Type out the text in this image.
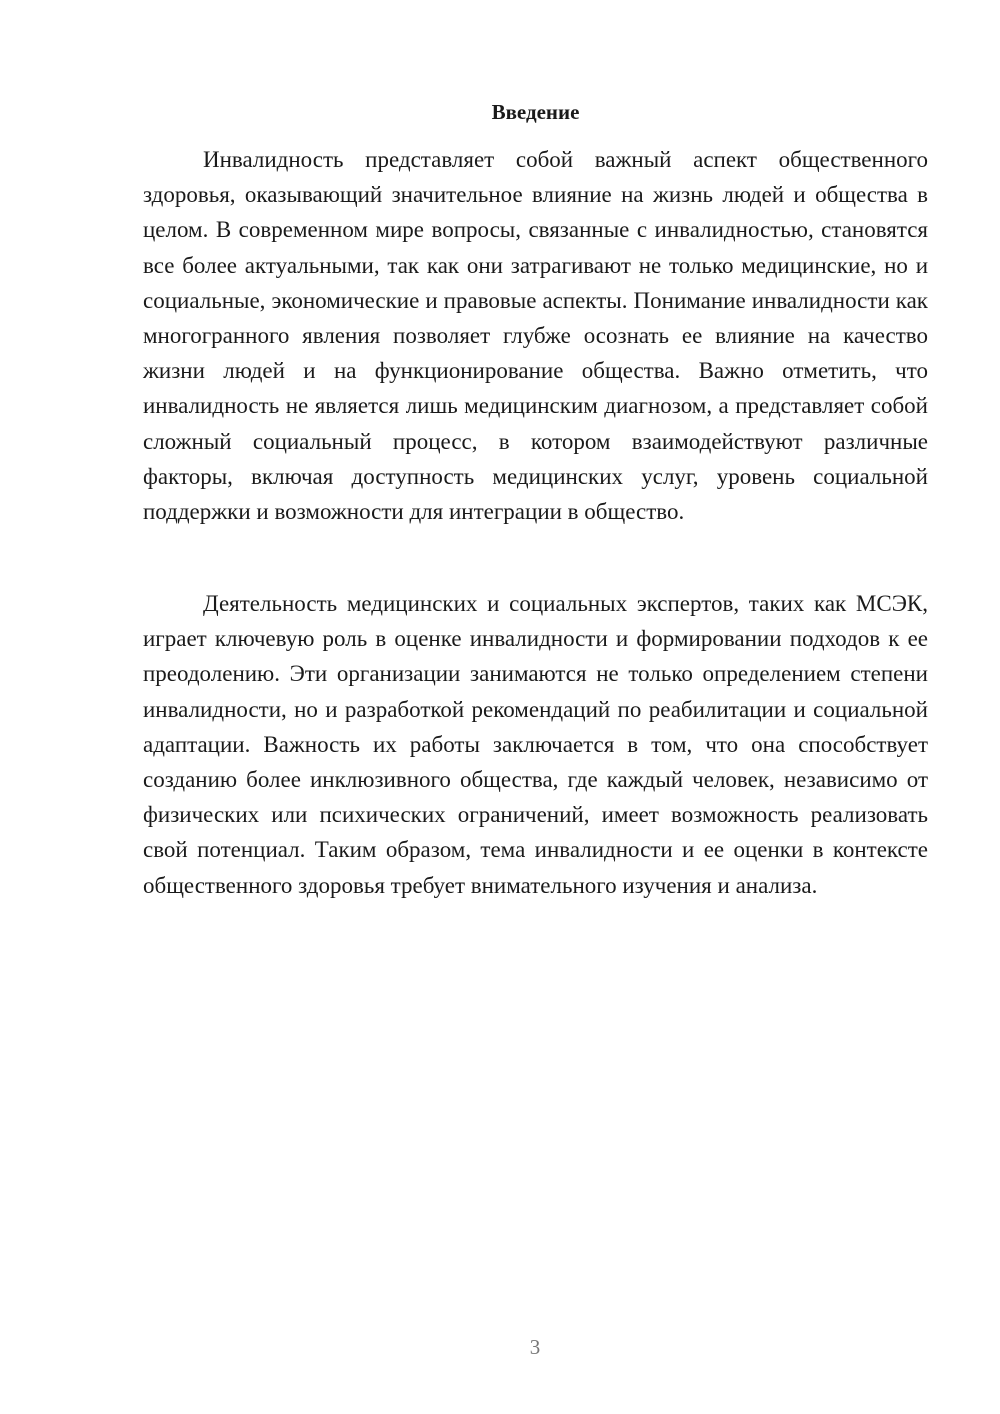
Введение

Инвалидность представляет собой важный аспект общественного здоровья, оказывающий значительное влияние на жизнь людей и общества в целом. В современном мире вопросы, связанные с инвалидностью, становятся все более актуальными, так как они затрагивают не только медицинские, но и социальные, экономические и правовые аспекты. Понимание инвалидности как многогранного явления позволяет глубже осознать ее влияние на качество жизни людей и на функционирование общества. Важно отметить, что инвалидность не является лишь медицинским диагнозом, а представляет собой сложный социальный процесс, в котором взаимодействуют различные факторы, включая доступность медицинских услуг, уровень социальной поддержки и возможности для интеграции в общество.

Деятельность медицинских и социальных экспертов, таких как МСЭК, играет ключевую роль в оценке инвалидности и формировании подходов к ее преодолению. Эти организации занимаются не только определением степени инвалидности, но и разработкой рекомендаций по реабилитации и социальной адаптации. Важность их работы заключается в том, что она способствует созданию более инклюзивного общества, где каждый человек, независимо от физических или психических ограничений, имеет возможность реализовать свой потенциал. Таким образом, тема инвалидности и ее оценки в контексте общественного здоровья требует внимательного изучения и анализа.

3
